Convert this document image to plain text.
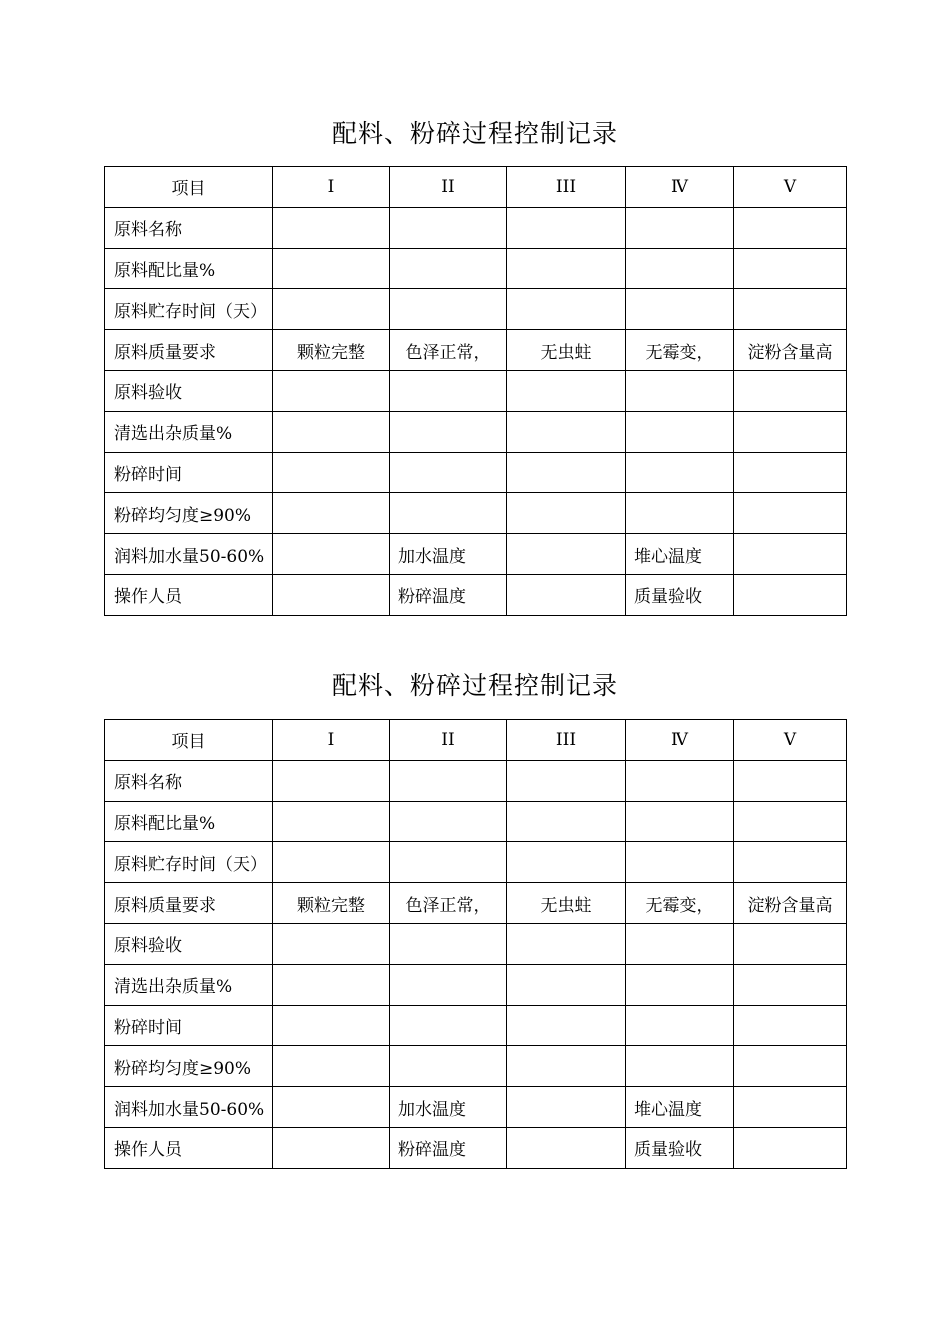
配料、粉碎过程控制记录
项目	I	II	III	Ⅳ	V
原料名称					
原料配比量%					
原料贮存时间（天）					
原料质量要求	颗粒完整	色泽正常，	无虫蛀	无霉变，	淀粉含量高
原料验收					
清选出杂质量%					
粉碎时间					
粉碎均匀度≥90%					
润料加水量50-60%		加水温度		堆心温度	
操作人员		粉碎温度		质量验收	
配料、粉碎过程控制记录
项目	I	II	III	Ⅳ	V
原料名称					
原料配比量%					
原料贮存时间（天）					
原料质量要求	颗粒完整	色泽正常，	无虫蛀	无霉变，	淀粉含量高
原料验收					
清选出杂质量%					
粉碎时间					
粉碎均匀度≥90%					
润料加水量50-60%		加水温度		堆心温度	
操作人员		粉碎温度		质量验收	
